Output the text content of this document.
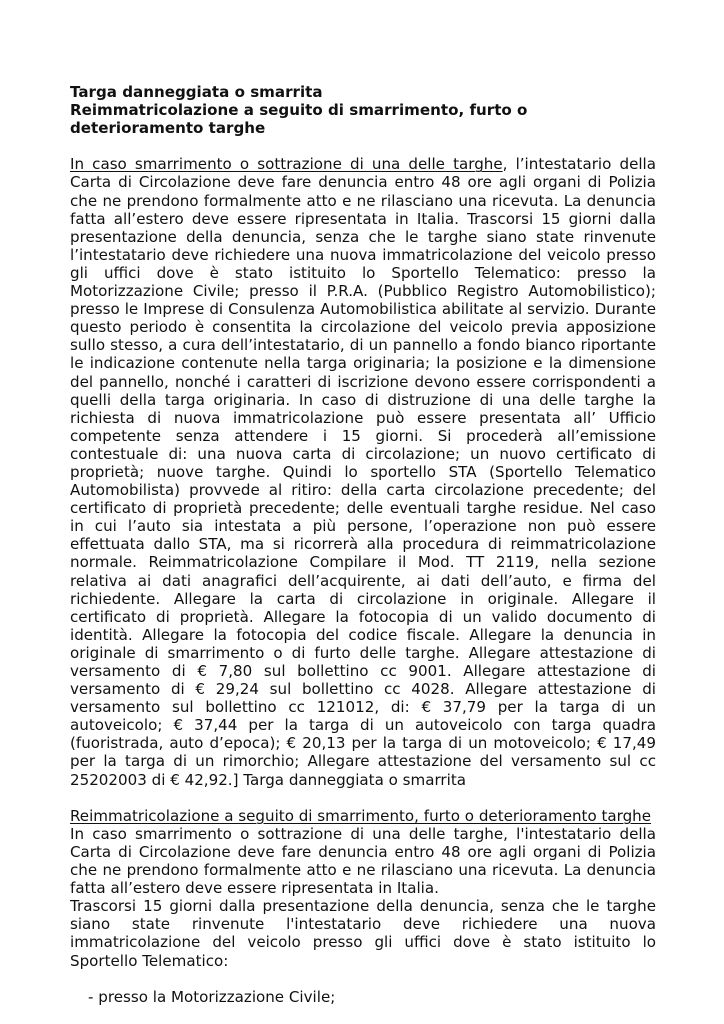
Targa danneggiata o smarrita

Reimmatricolazione a seguito di smarrimento, furto o deterioramento targhe

In caso smarrimento o sottrazione di una delle targhe, l’intestatario della Carta di Circolazione deve fare denuncia entro 48 ore agli organi di Polizia che ne prendono formalmente atto e ne rilasciano una ricevuta. La denuncia fatta all’estero deve essere ripresentata in Italia. Trascorsi 15 giorni dalla presentazione della denuncia, senza che le targhe siano state rinvenute l’intestatario deve richiedere una nuova immatricolazione del veicolo presso gli uffici dove è stato istituito lo Sportello Telematico: presso la Motorizzazione Civile; presso il P.R.A. (Pubblico Registro Automobilistico); presso le Imprese di Consulenza Automobilistica abilitate al servizio. Durante questo periodo è consentita la circolazione del veicolo previa apposizione sullo stesso, a cura dell’intestatario, di un pannello a fondo bianco riportante le indicazione contenute nella targa originaria; la posizione e la dimensione del pannello, nonché i caratteri di iscrizione devono essere corrispondenti a quelli della targa originaria. In caso di distruzione di una delle targhe la richiesta di nuova immatricolazione può essere presentata all’ Ufficio competente senza attendere i 15 giorni. Si procederà all’emissione contestuale di: una nuova carta di circolazione; un nuovo certificato di proprietà; nuove targhe. Quindi lo sportello STA (Sportello Telematico Automobilista) provvede al ritiro: della carta circolazione precedente; del certificato di proprietà precedente; delle eventuali targhe residue. Nel caso in cui l’auto sia intestata a più persone, l’operazione non può essere effettuata dallo STA, ma si ricorrerà alla procedura di reimmatricolazione normale. Reimmatricolazione Compilare il Mod. TT 2119, nella sezione relativa ai dati anagrafici dell’acquirente, ai dati dell’auto, e firma del richiedente. Allegare la carta di circolazione in originale. Allegare il certificato di proprietà. Allegare la fotocopia di un valido documento di identità. Allegare la fotocopia del codice fiscale. Allegare la denuncia in originale di smarrimento o di furto delle targhe. Allegare attestazione di versamento di € 7,80 sul bollettino cc 9001. Allegare attestazione di versamento di € 29,24 sul bollettino cc 4028. Allegare attestazione di versamento sul bollettino cc 121012, di: € 37,79 per la targa di un autoveicolo; € 37,44 per la targa di un autoveicolo con targa quadra (fuoristrada, auto d’epoca); € 20,13 per la targa di un motoveicolo; € 17,49 per la targa di un rimorchio; Allegare attestazione del versamento sul cc 25202003 di € 42,92.] Targa danneggiata o smarrita

Reimmatricolazione a seguito di smarrimento, furto o deterioramento targhe

In caso smarrimento o sottrazione di una delle targhe, l'intestatario della Carta di Circolazione deve fare denuncia entro 48 ore agli organi di Polizia che ne prendono formalmente atto e ne rilasciano una ricevuta. La denuncia fatta all’estero deve essere ripresentata in Italia.

Trascorsi 15 giorni dalla presentazione della denuncia, senza che le targhe siano state rinvenute l'intestatario deve richiedere una nuova immatricolazione del veicolo presso gli uffici dove è stato istituito lo Sportello Telematico:

- presso la Motorizzazione Civile;
